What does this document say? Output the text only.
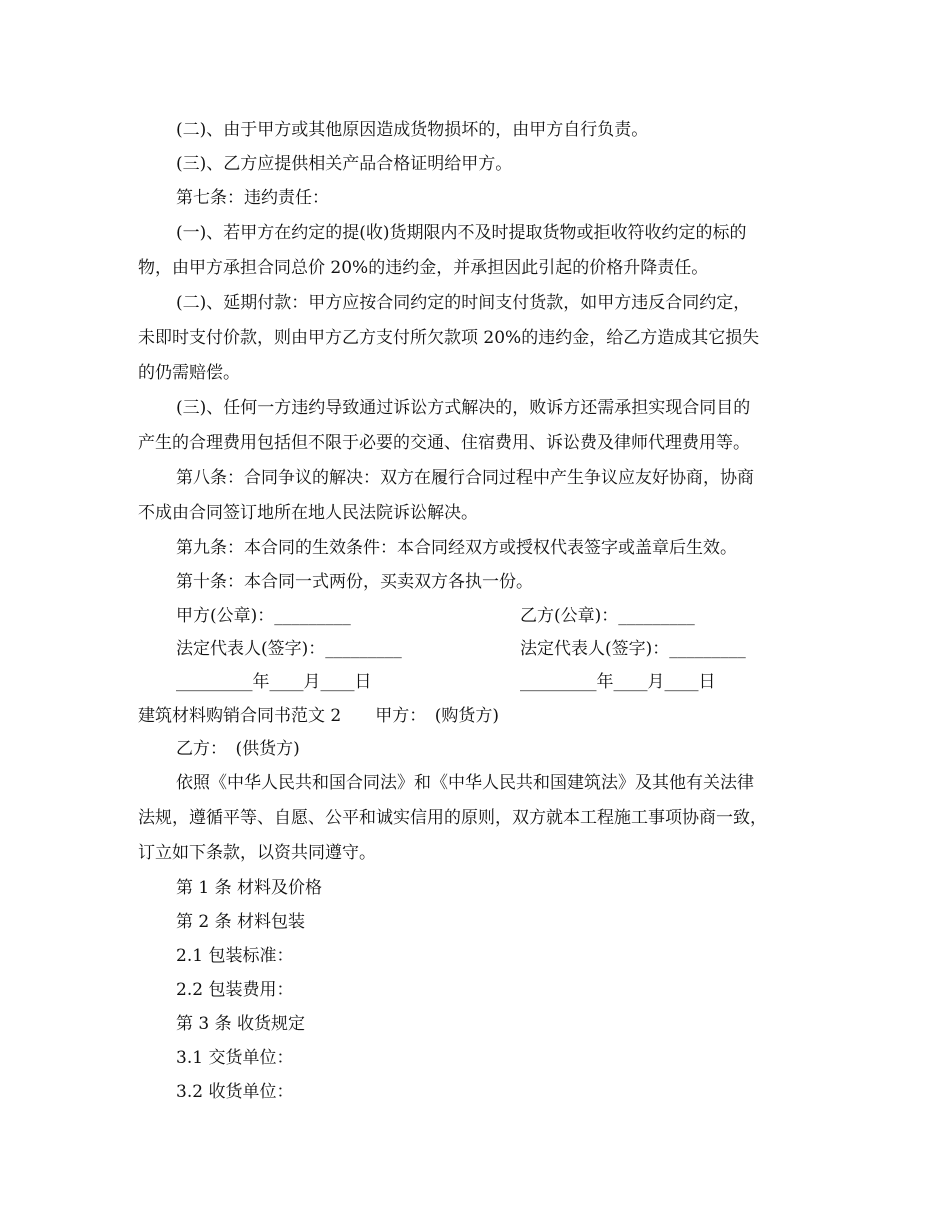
(二)、由于甲方或其他原因造成货物损坏的，由甲方自行负责。
(三)、乙方应提供相关产品合格证明给甲方。
第七条：违约责任：
(一)、若甲方在约定的提(收)货期限内不及时提取货物或拒收符收约定的标的
物，由甲方承担合同总价 20%的违约金，并承担因此引起的价格升降责任。
(二)、延期付款：甲方应按合同约定的时间支付货款，如甲方违反合同约定，
未即时支付价款，则由甲方乙方支付所欠款项 20%的违约金，给乙方造成其它损失
的仍需赔偿。
(三)、任何一方违约导致通过诉讼方式解决的，败诉方还需承担实现合同目的
产生的合理费用包括但不限于必要的交通、住宿费用、诉讼费及律师代理费用等。
第八条：合同争议的解决：双方在履行合同过程中产生争议应友好协商，协商
不成由合同签订地所在地人民法院诉讼解决。
第九条：本合同的生效条件：本合同经双方或授权代表签字或盖章后生效。
第十条：本合同一式两份，买卖双方各执一份。
甲方(公章)：_________	乙方(公章)：_________
法定代表人(签字)：_________	法定代表人(签字)：_________
_________年____月____日	_________年____月____日
建筑材料购销合同书范文 2　　甲方：　(购货方)
乙方：　(供货方)
依照《中华人民共和国合同法》和《中华人民共和国建筑法》及其他有关法律
法规，遵循平等、自愿、公平和诚实信用的原则，双方就本工程施工事项协商一致，
订立如下条款，以资共同遵守。
第 1 条 材料及价格
第 2 条 材料包装
2.1 包装标准：
2.2 包装费用：
第 3 条 收货规定
3.1 交货单位：
3.2 收货单位：
